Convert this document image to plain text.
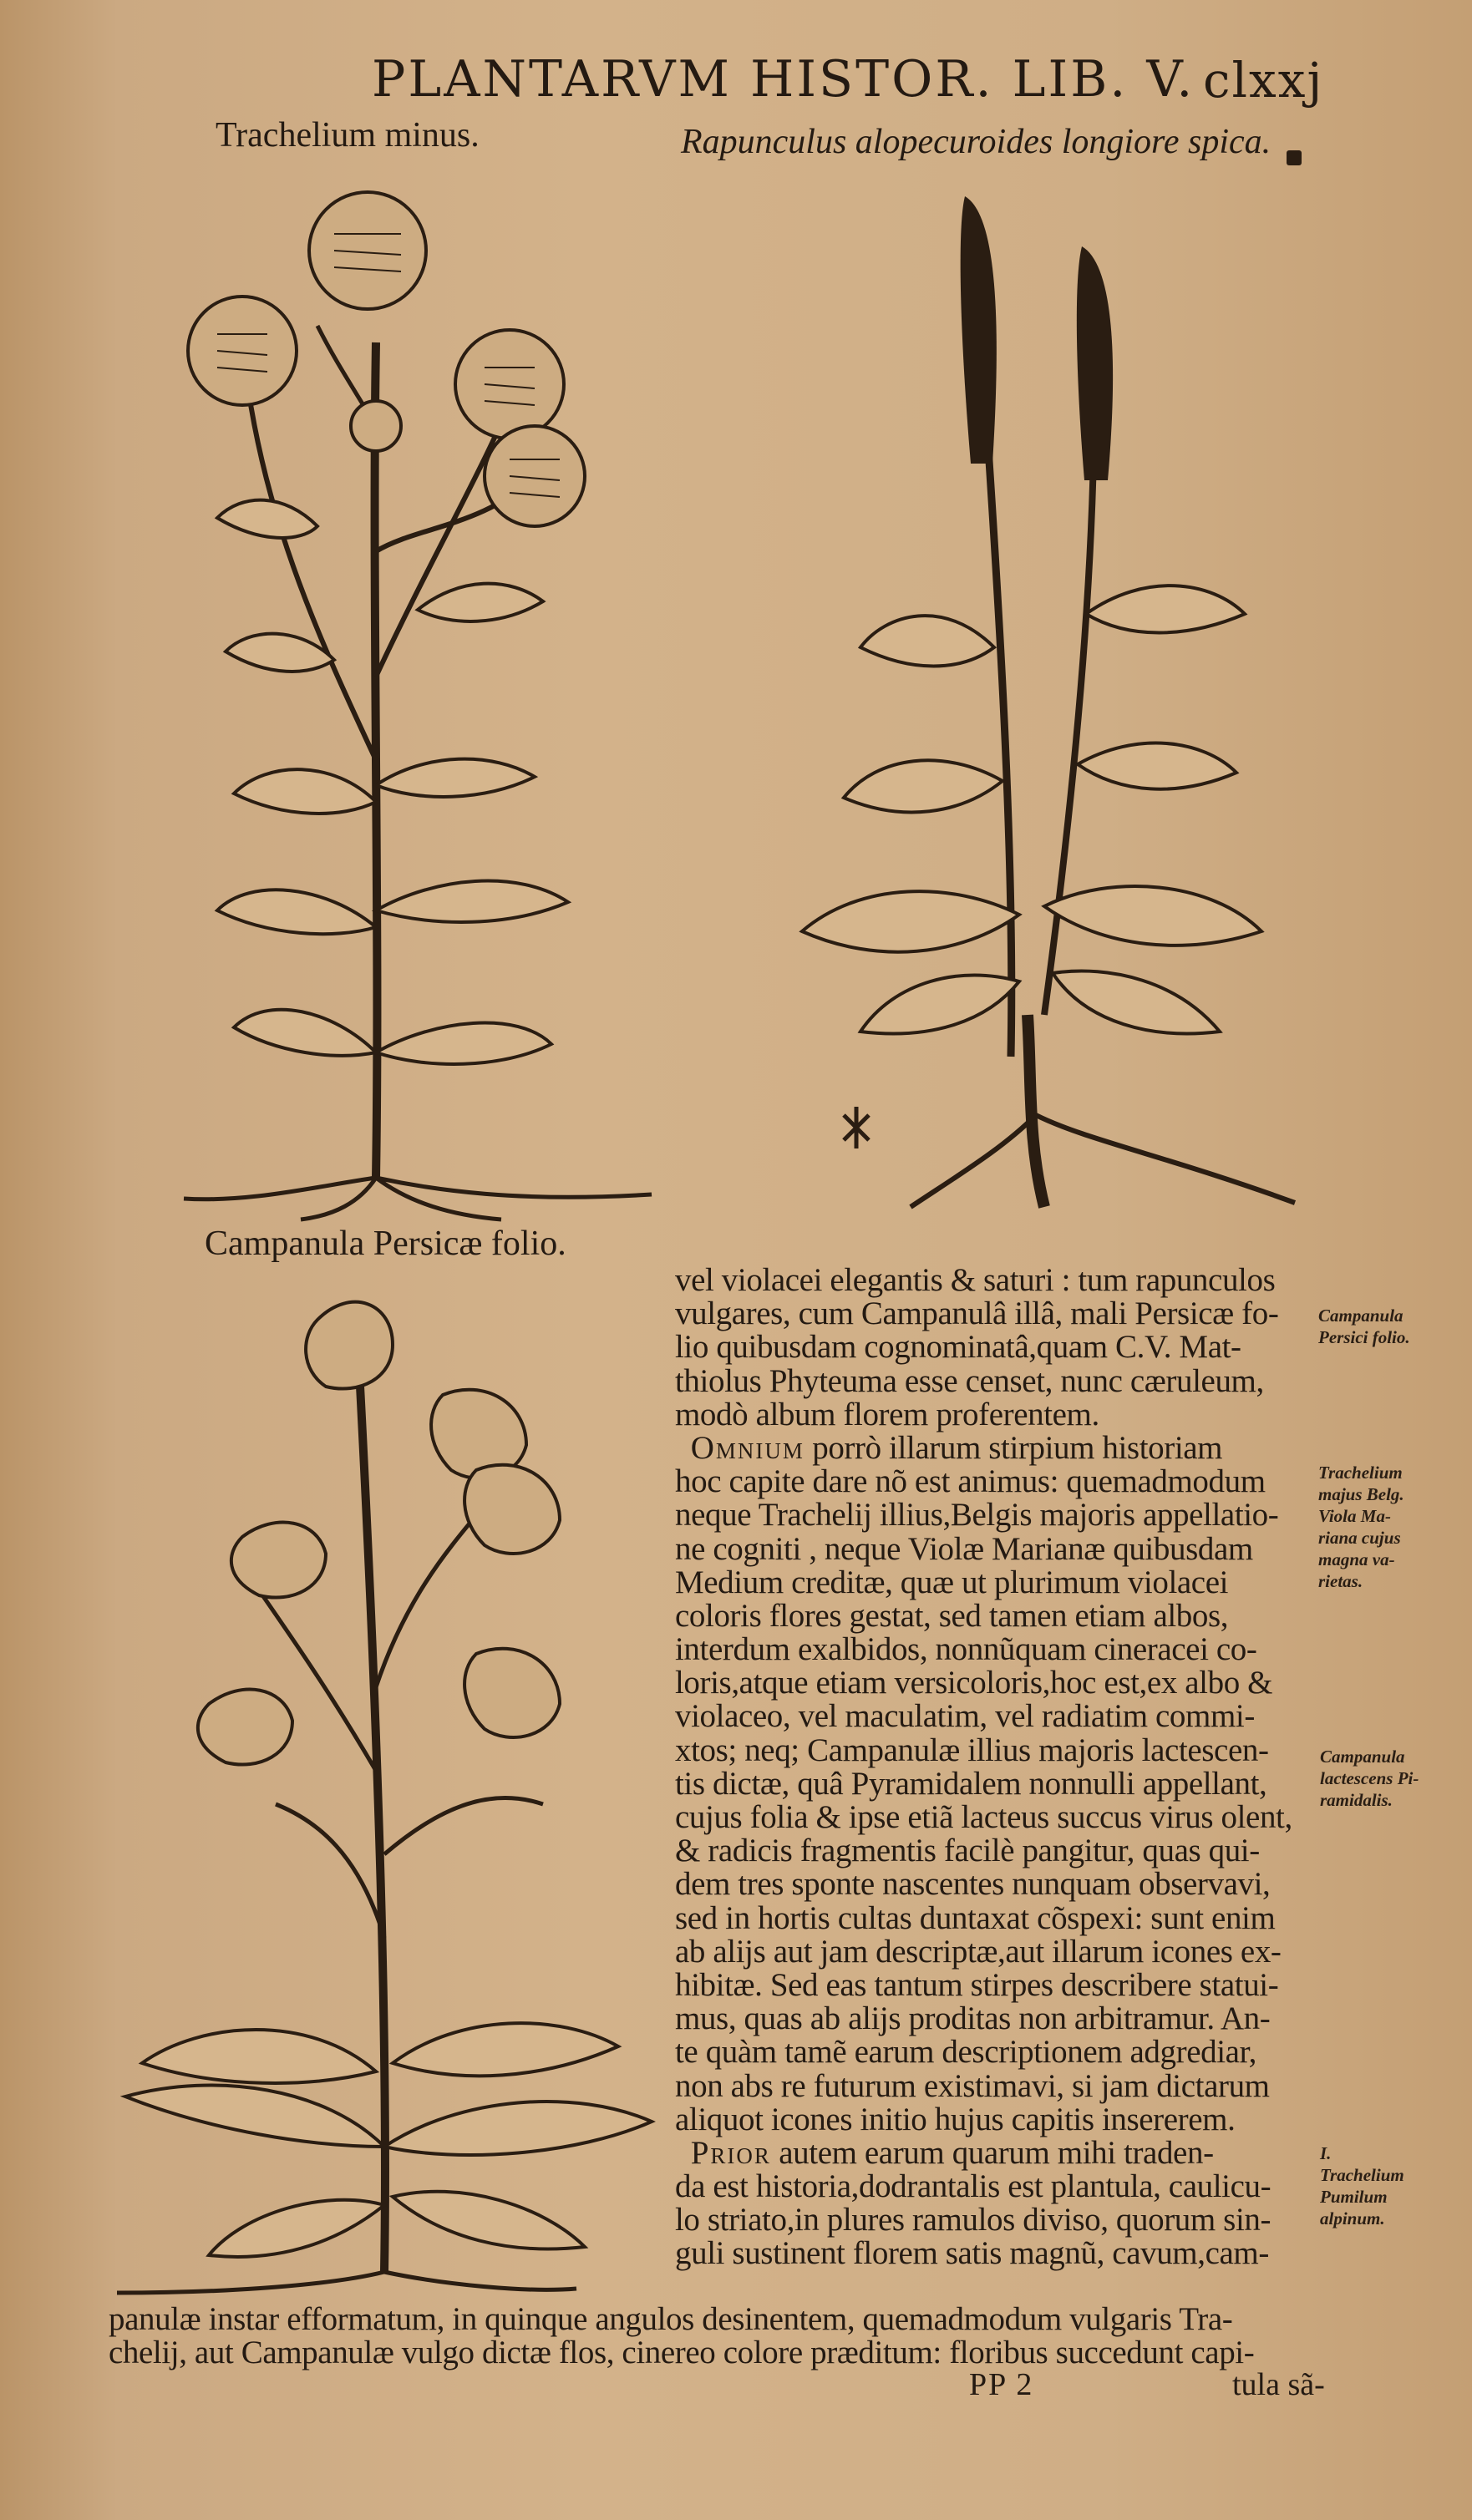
PLANTARVM HISTOR. LIB. V. clxxj
Trachelium minus.	Rapunculus alopecuroides longiore spica.
Campanula Persicæ folio.
vel violacei elegantis & saturi : tum rapunculos
vulgares, cum Campanulâ illâ, mali Persicæ fo-
lio quibusdam cognominatâ,quam C.V. Mat-
thiolus Phyteuma esse censet, nunc cæruleum,
modò album florem proferentem.
Omnium porrò illarum stirpium historiam
hoc capite dare nõ est animus: quemadmodum
neque Trachelij illius,Belgis majoris appellatio-
ne cogniti , neque Violæ Marianæ quibusdam
Medium creditæ, quæ ut plurimum violacei
coloris flores gestat, sed tamen etiam albos,
interdum exalbidos, nonnũquam cineracei co-
loris,atque etiam versicoloris,hoc est,ex albo &
violaceo, vel maculatim, vel radiatim commi-
xtos; neq; Campanulæ illius majoris lactescen-
tis dictæ, quâ Pyramidalem nonnulli appellant,
cujus folia & ipse etiã lacteus succus virus olent,
& radicis fragmentis facilè pangitur, quas qui-
dem tres sponte nascentes nunquam observavi,
sed in hortis cultas duntaxat cõspexi: sunt enim
ab alijs aut jam descriptæ,aut illarum icones ex-
hibitæ. Sed eas tantum stirpes describere statui-
mus, quas ab alijs proditas non arbitramur. An-
te quàm tamẽ earum descriptionem adgrediar,
non abs re futurum existimavi, si jam dictarum
aliquot icones initio hujus capitis insererem.
Prior autem earum quarum mihi traden-
da est historia,dodrantalis est plantula, caulicu-
lo striato,in plures ramulos diviso, quorum sin-
guli sustinent florem satis magnũ, cavum,cam-
panulæ instar efformatum, in quinque angulos desinentem, quemadmodum vulgaris Tra-
chelij, aut Campanulæ vulgo dictæ flos, cinereo colore præditum: floribus succedunt capi-
Campanula
Persici folio.
Trachelium
majus Belg.
Viola Ma-
riana cujus
magna va-
rietas.
Campanula
lactescens Pi-
ramidalis.
I.
Trachelium
Pumilum
alpinum.
PP 2	tula sã-
